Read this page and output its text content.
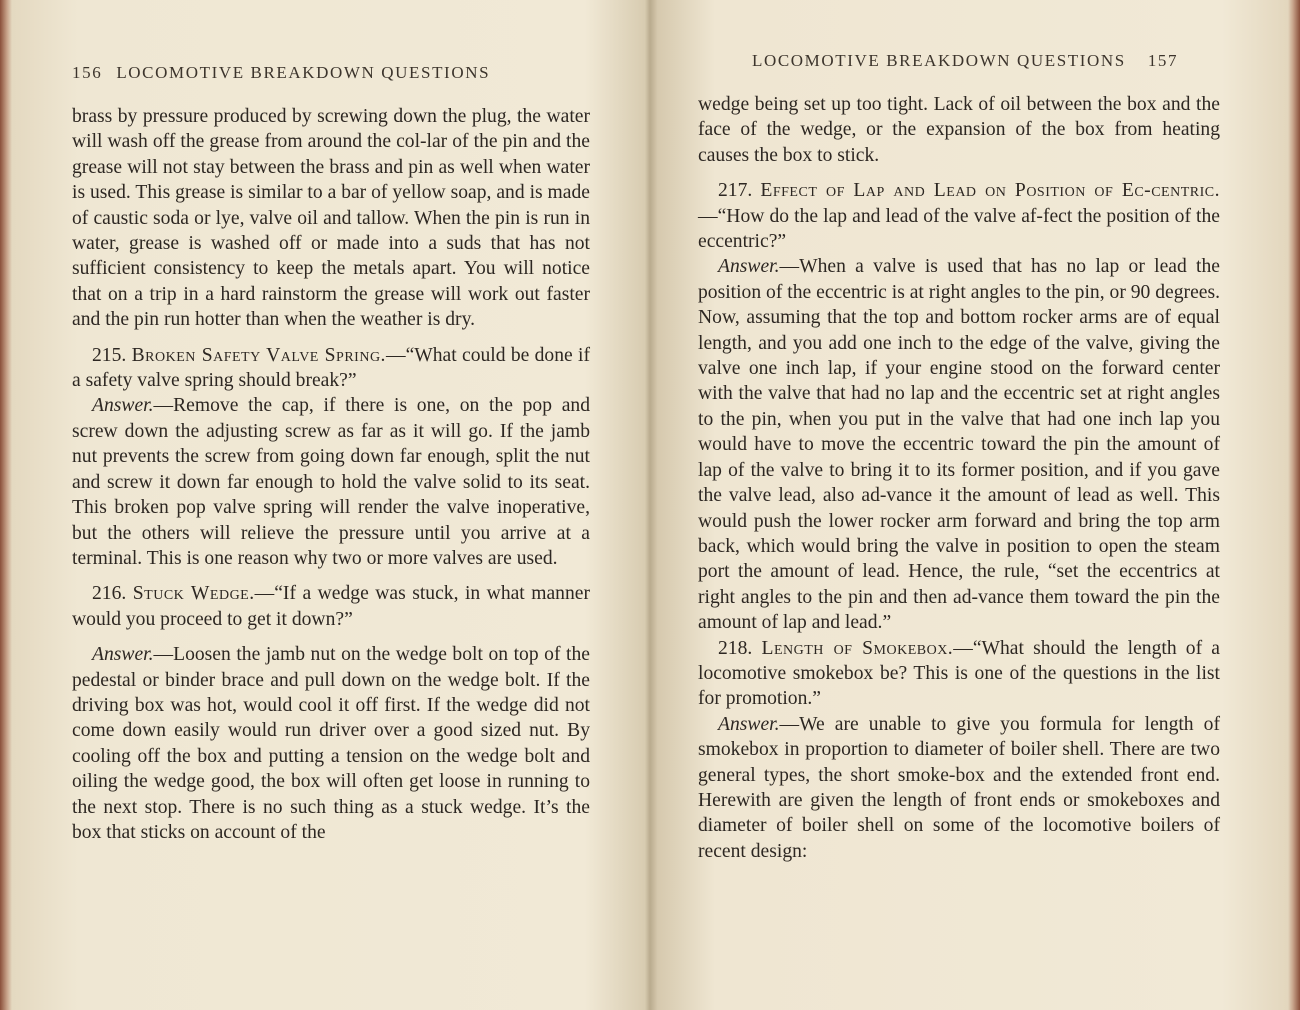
156 LOCOMOTIVE BREAKDOWN QUESTIONS

brass by pressure produced by screwing down the plug, the water will wash off the grease from around the col-lar of the pin and the grease will not stay between the brass and pin as well when water is used. This grease is similar to a bar of yellow soap, and is made of caustic soda or lye, valve oil and tallow. When the pin is run in water, grease is washed off or made into a suds that has not sufficient consistency to keep the metals apart. You will notice that on a trip in a hard rainstorm the grease will work out faster and the pin run hotter than when the weather is dry.

215. Broken Safety Valve Spring.—“What could be done if a safety valve spring should break?”

Answer.—Remove the cap, if there is one, on the pop and screw down the adjusting screw as far as it will go. If the jamb nut prevents the screw from going down far enough, split the nut and screw it down far enough to hold the valve solid to its seat. This broken pop valve spring will render the valve inoperative, but the others will relieve the pressure until you arrive at a terminal. This is one reason why two or more valves are used.

216. Stuck Wedge.—“If a wedge was stuck, in what manner would you proceed to get it down?”

Answer.—Loosen the jamb nut on the wedge bolt on top of the pedestal or binder brace and pull down on the wedge bolt. If the driving box was hot, would cool it off first. If the wedge did not come down easily would run driver over a good sized nut. By cooling off the box and putting a tension on the wedge bolt and oiling the wedge good, the box will often get loose in running to the next stop. There is no such thing as a stuck wedge. It’s the box that sticks on account of the

LOCOMOTIVE BREAKDOWN QUESTIONS 157

wedge being set up too tight. Lack of oil between the box and the face of the wedge, or the expansion of the box from heating causes the box to stick.

217. Effect of Lap and Lead on Position of Ec-centric.—“How do the lap and lead of the valve af-fect the position of the eccentric?”

Answer.—When a valve is used that has no lap or lead the position of the eccentric is at right angles to the pin, or 90 degrees. Now, assuming that the top and bottom rocker arms are of equal length, and you add one inch to the edge of the valve, giving the valve one inch lap, if your engine stood on the forward center with the valve that had no lap and the eccentric set at right angles to the pin, when you put in the valve that had one inch lap you would have to move the eccentric toward the pin the amount of lap of the valve to bring it to its former position, and if you gave the valve lead, also ad-vance it the amount of lead as well. This would push the lower rocker arm forward and bring the top arm back, which would bring the valve in position to open the steam port the amount of lead. Hence, the rule, “set the eccentrics at right angles to the pin and then ad-vance them toward the pin the amount of lap and lead.”

218. Length of Smokebox.—“What should the length of a locomotive smokebox be? This is one of the questions in the list for promotion.”

Answer.—We are unable to give you formula for length of smokebox in proportion to diameter of boiler shell. There are two general types, the short smoke-box and the extended front end. Herewith are given the length of front ends or smokeboxes and diameter of boiler shell on some of the locomotive boilers of recent design:
